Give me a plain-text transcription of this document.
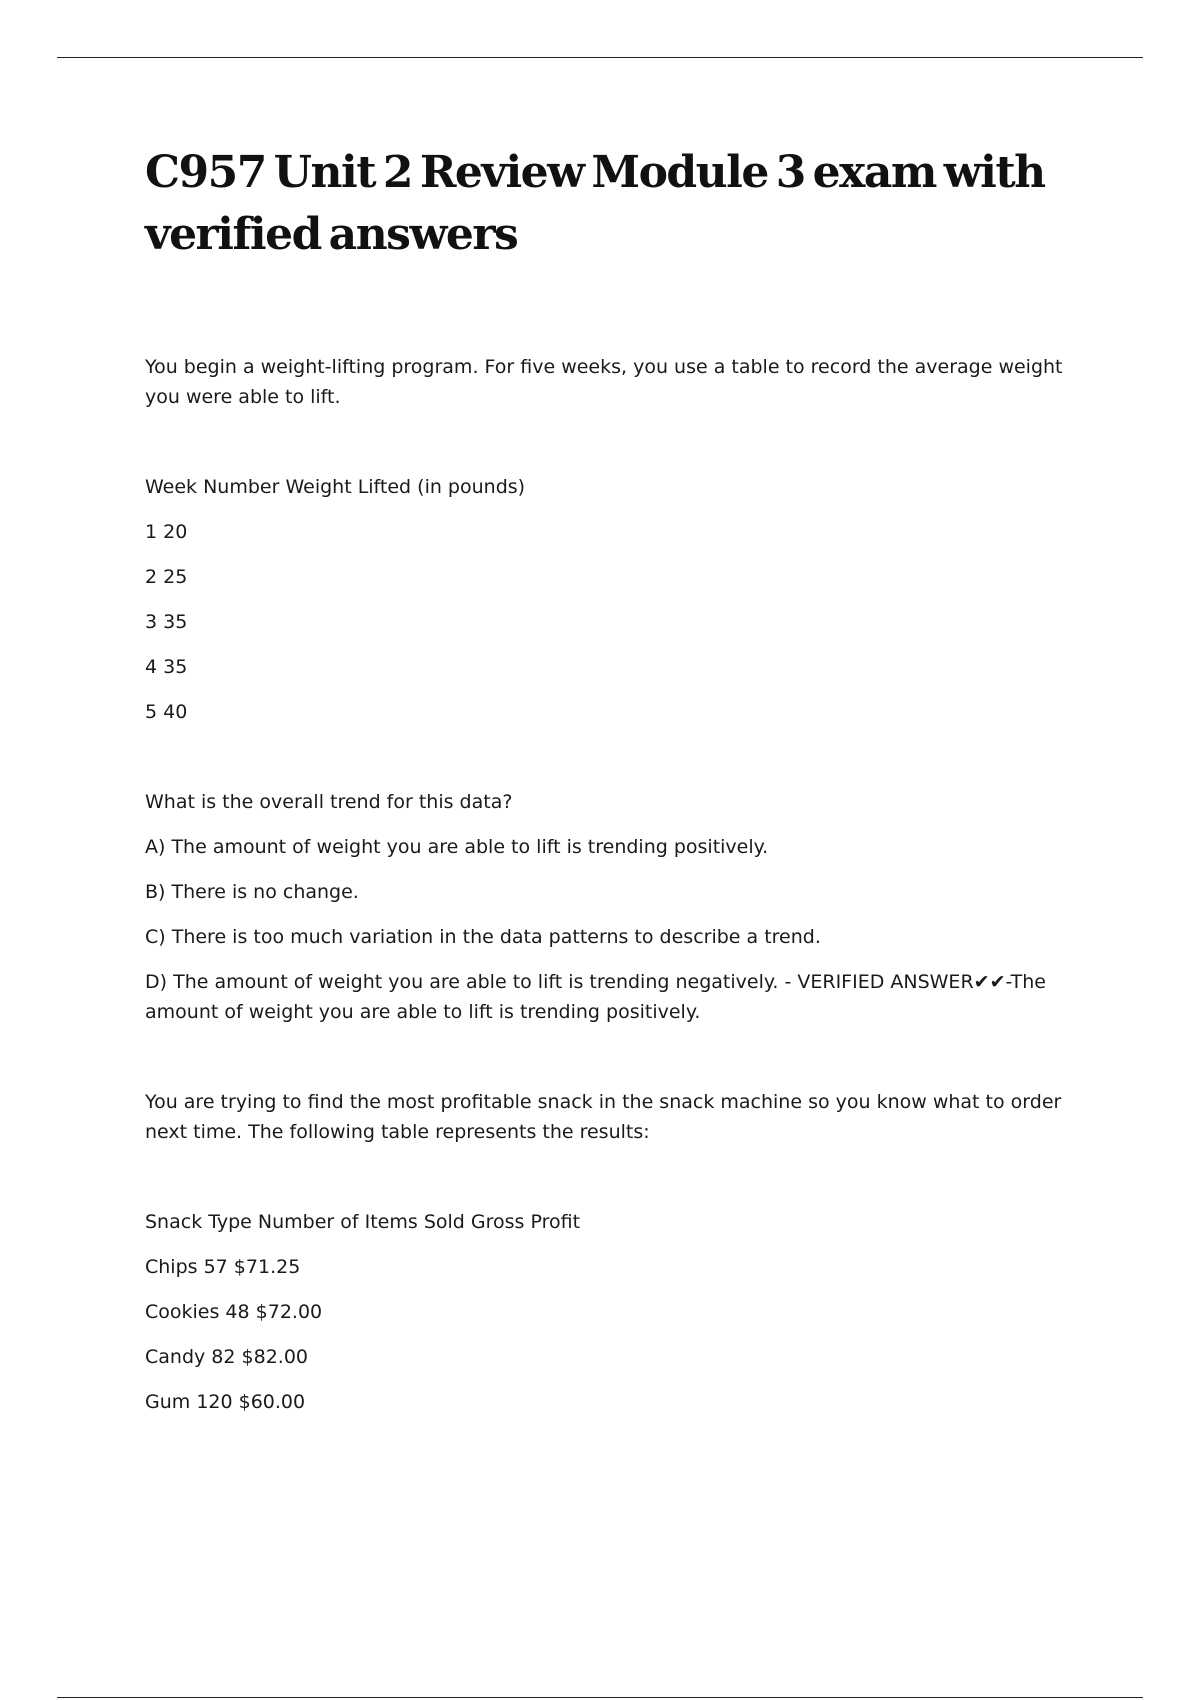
C957 Unit 2 Review Module 3 exam with
verified answers

You begin a weight-lifting program. For five weeks, you use a table to record the average weight you were able to lift.

Week Number Weight Lifted (in pounds)

1 20

2 25

3 35

4 35

5 40

What is the overall trend for this data?

A) The amount of weight you are able to lift is trending positively.

B) There is no change.

C) There is too much variation in the data patterns to describe a trend.

D) The amount of weight you are able to lift is trending negatively. - VERIFIED ANSWER✔✔-The amount of weight you are able to lift is trending positively.

You are trying to find the most profitable snack in the snack machine so you know what to order next time. The following table represents the results:

Snack Type Number of Items Sold Gross Profit

Chips 57 $71.25

Cookies 48 $72.00

Candy 82 $82.00

Gum 120 $60.00
